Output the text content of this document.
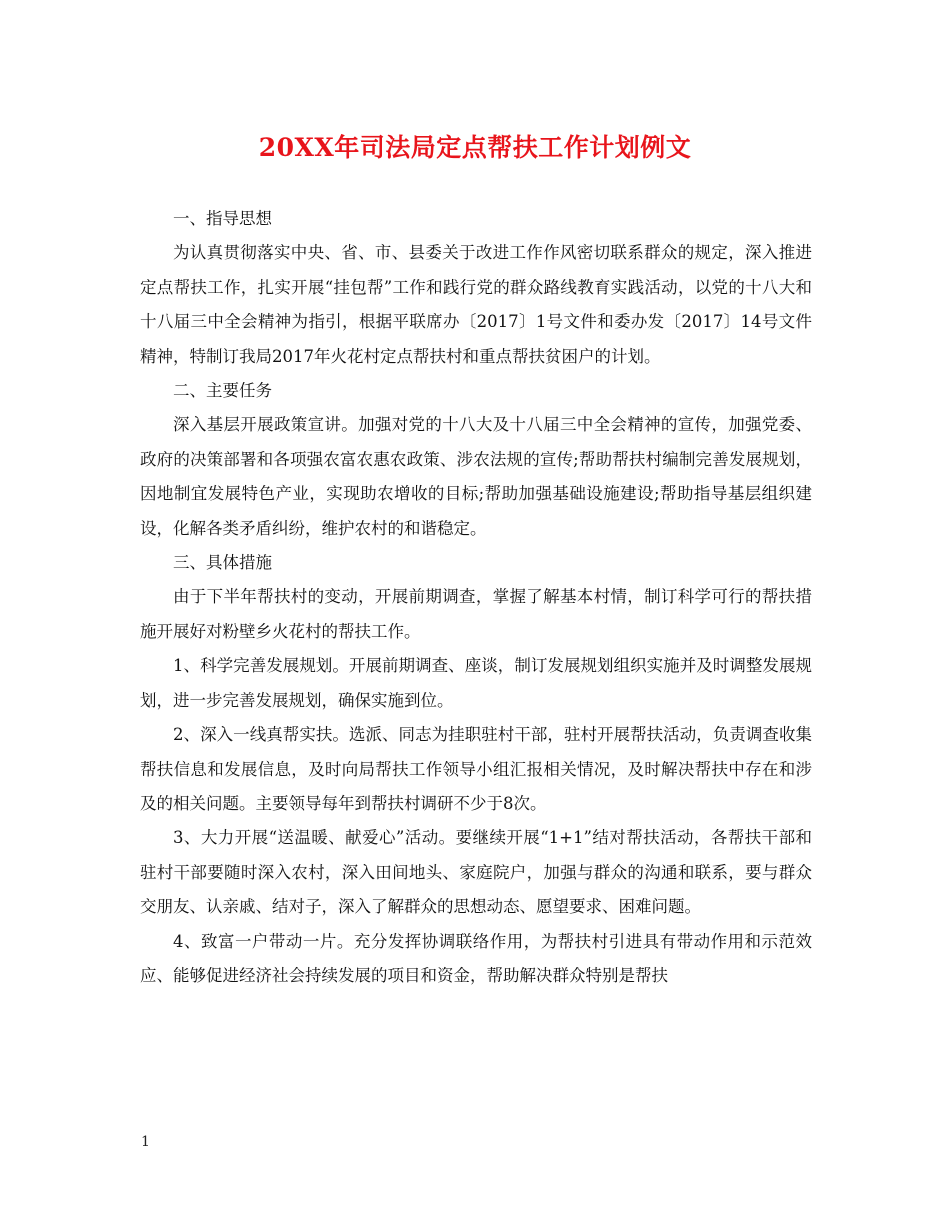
20XX年司法局定点帮扶工作计划例文

一、指导思想

为认真贯彻落实中央、省、市、县委关于改进工作作风密切联系群众的规定，深入推进定点帮扶工作，扎实开展“挂包帮”工作和践行党的群众路线教育实践活动，以党的十八大和十八届三中全会精神为指引，根据平联席办〔2017〕1号文件和委办发〔2017〕14号文件精神，特制订我局2017年火花村定点帮扶村和重点帮扶贫困户的计划。

二、主要任务

深入基层开展政策宣讲。加强对党的十八大及十八届三中全会精神的宣传，加强党委、政府的决策部署和各项强农富农惠农政策、涉农法规的宣传;帮助帮扶村编制完善发展规划，因地制宜发展特色产业，实现助农增收的目标;帮助加强基础设施建设;帮助指导基层组织建设，化解各类矛盾纠纷，维护农村的和谐稳定。

三、具体措施

由于下半年帮扶村的变动，开展前期调查，掌握了解基本村情，制订科学可行的帮扶措施开展好对粉壁乡火花村的帮扶工作。

1、科学完善发展规划。开展前期调查、座谈，制订发展规划组织实施并及时调整发展规划，进一步完善发展规划，确保实施到位。

2、深入一线真帮实扶。选派、同志为挂职驻村干部，驻村开展帮扶活动，负责调查收集帮扶信息和发展信息，及时向局帮扶工作领导小组汇报相关情况，及时解决帮扶中存在和涉及的相关问题。主要领导每年到帮扶村调研不少于8次。

3、大力开展“送温暖、献爱心”活动。要继续开展“1+1”结对帮扶活动，各帮扶干部和驻村干部要随时深入农村，深入田间地头、家庭院户，加强与群众的沟通和联系，要与群众交朋友、认亲戚、结对子，深入了解群众的思想动态、愿望要求、困难问题。

4、致富一户带动一片。充分发挥协调联络作用，为帮扶村引进具有带动作用和示范效应、能够促进经济社会持续发展的项目和资金，帮助解决群众特别是帮扶

1
